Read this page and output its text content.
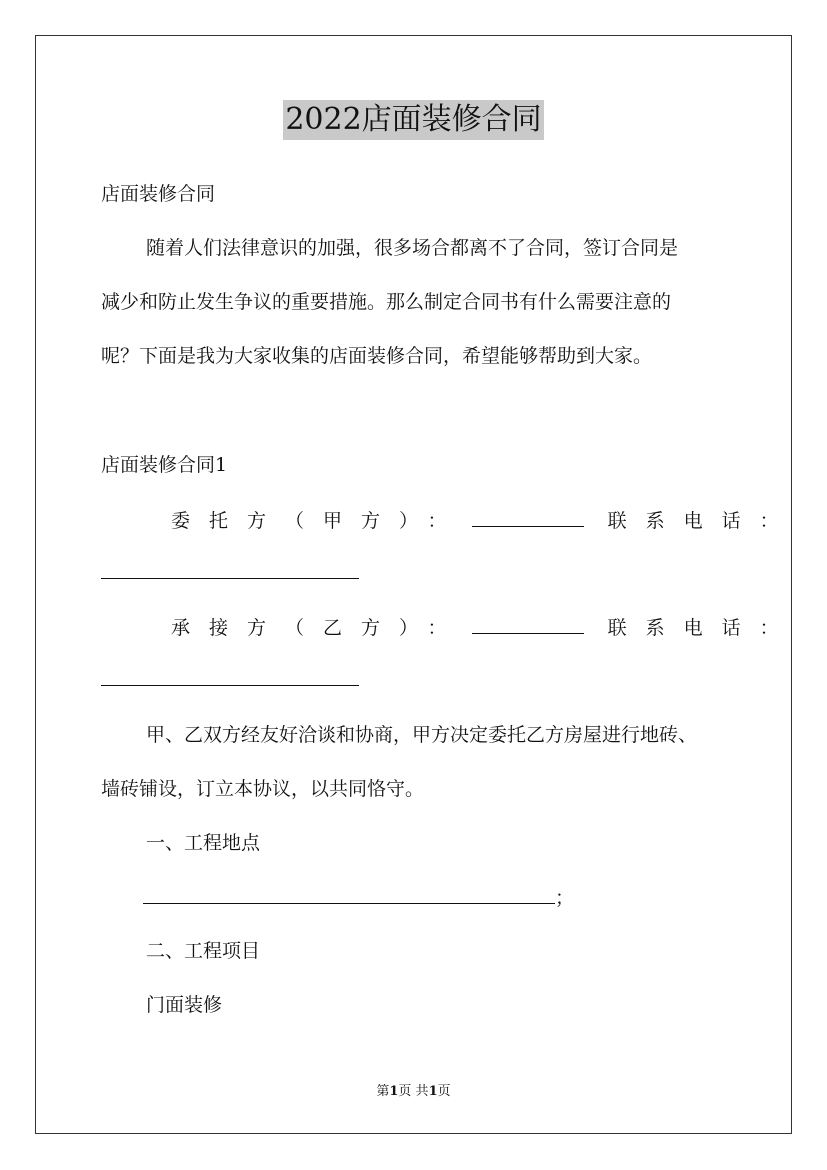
2022店面装修合同
店面装修合同
随着人们法律意识的加强，很多场合都离不了合同，签订合同是
减少和防止发生争议的重要措施。那么制定合同书有什么需要注意的
呢？下面是我为大家收集的店面装修合同，希望能够帮助到大家。
店面装修合同1
委托方（甲方）：	联系电话：
承接方（乙方）：	联系电话：
甲、乙双方经友好洽谈和协商，甲方决定委托乙方房屋进行地砖、
墙砖铺设，订立本协议，以共同恪守。
一、工程地点
；
二、工程项目
门面装修
第1页 共1页
